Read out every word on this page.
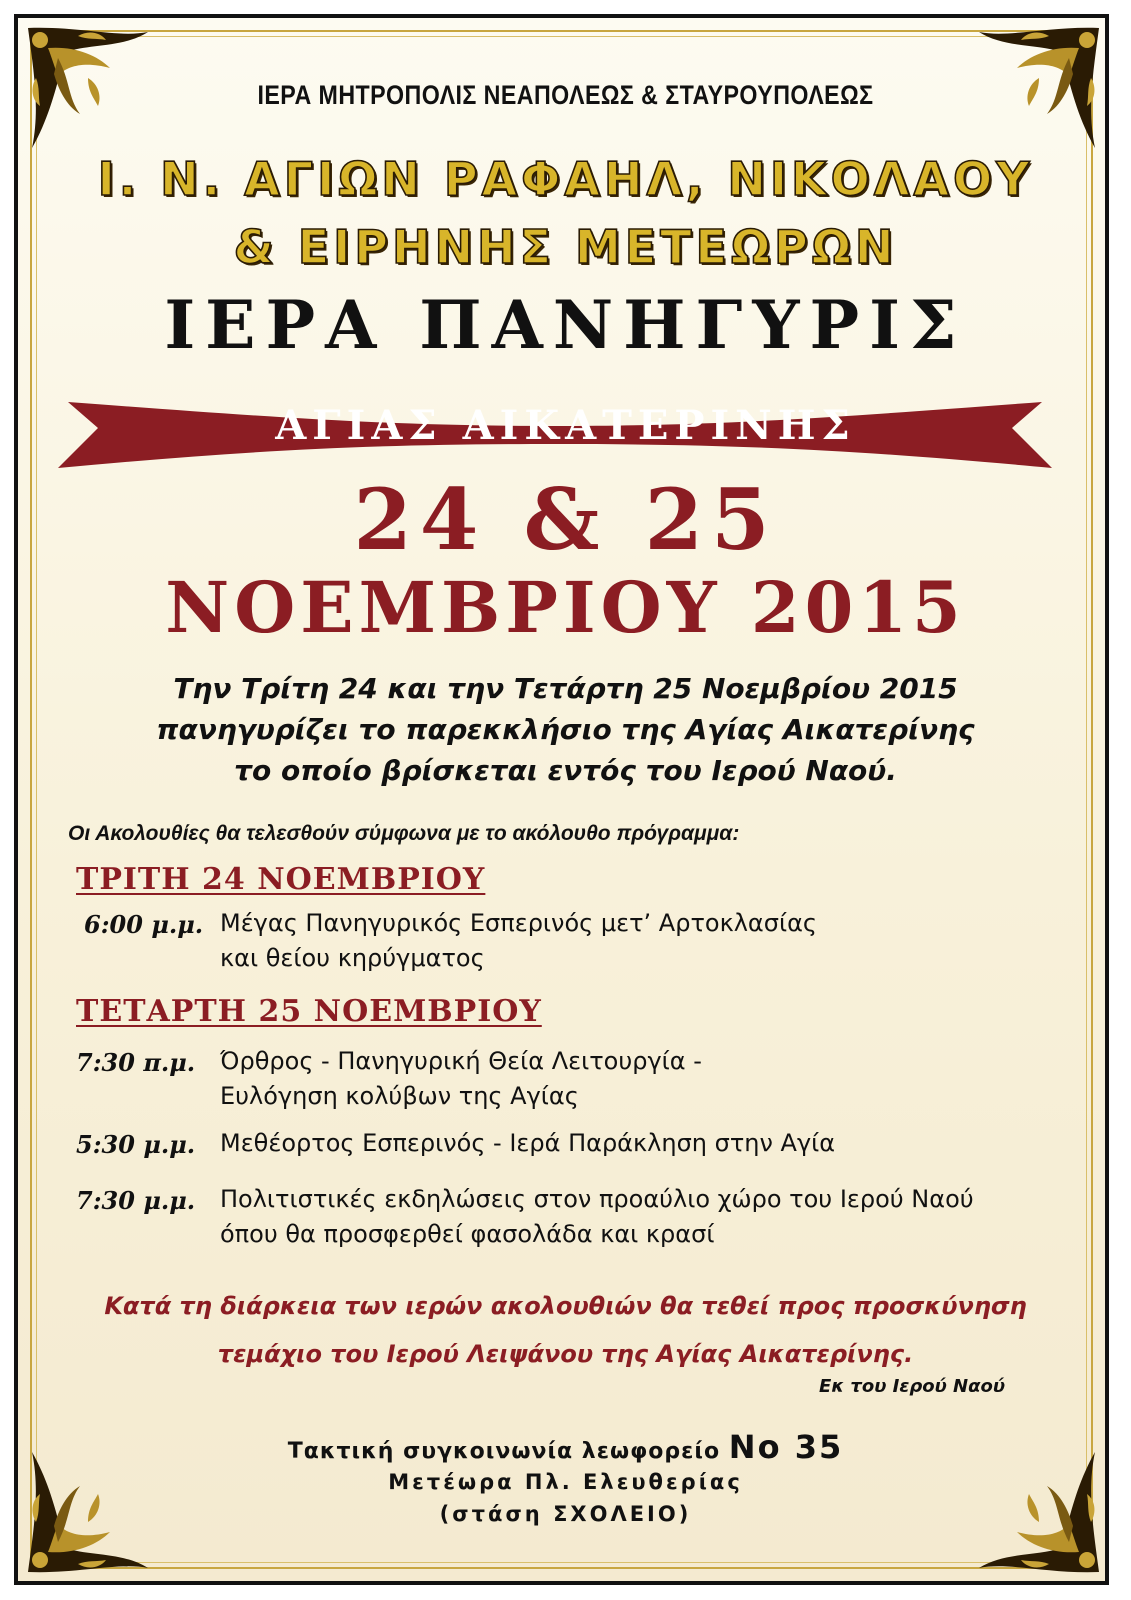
ΙΕΡΑ ΜΗΤΡΟΠΟΛΙΣ ΝΕΑΠΟΛΕΩΣ & ΣΤΑΥΡΟΥΠΟΛΕΩΣ
Ι. Ν. ΑΓΙΩΝ ΡΑΦΑΗΛ, ΝΙΚΟΛΑΟΥ
& ΕΙΡΗΝΗΣ ΜΕΤΕΩΡΩΝ
ΙΕΡΑ ΠΑΝΗΓΥΡΙΣ
ΑΓΙΑΣ ΑΙΚΑΤΕΡΙΝΗΣ
24 & 25
ΝΟΕΜΒΡΙΟΥ 2015
Την Τρίτη 24 και την Τετάρτη 25 Νοεμβρίου 2015
πανηγυρίζει το παρεκκλήσιο της Αγίας Αικατερίνης
το οποίο βρίσκεται εντός του Ιερού Ναού.
Οι Ακολουθίες θα τελεσθούν σύμφωνα με το ακόλουθο πρόγραμμα:
ΤΡΙΤΗ 24 ΝΟΕΜΒΡΙΟΥ
6:00 μ.μ. Μέγας Πανηγυρικός Εσπερινός μετ’ Αρτοκλασίας
και θείου κηρύγματος
ΤΕΤΑΡΤΗ 25 ΝΟΕΜΒΡΙΟΥ
7:30 π.μ. Όρθρος - Πανηγυρική Θεία Λειτουργία -
Ευλόγηση κολύβων της Αγίας
5:30 μ.μ. Μεθέορτος Εσπερινός - Ιερά Παράκληση στην Αγία
7:30 μ.μ. Πολιτιστικές εκδηλώσεις στον προαύλιο χώρο του Ιερού Ναού
όπου θα προσφερθεί φασολάδα και κρασί
Κατά τη διάρκεια των ιερών ακολουθιών θα τεθεί προς προσκύνηση
τεμάχιο του Ιερού Λειψάνου της Αγίας Αικατερίνης.
Εκ του Ιερού Ναού
Τακτική συγκοινωνία λεωφορείο Νο 35
Μετέωρα Πλ. Ελευθερίας
(στάση ΣΧΟΛΕΙΟ)
